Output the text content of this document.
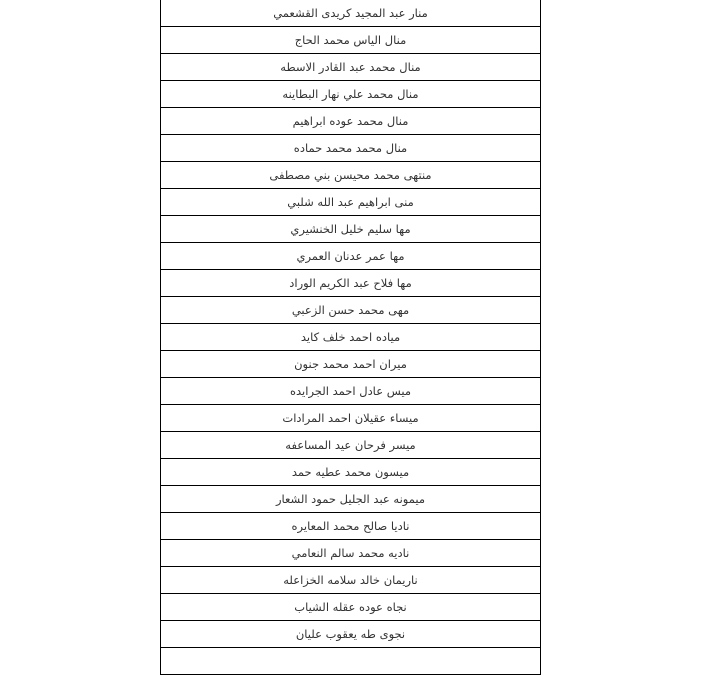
منار عبد المجيد كريدى القشعمي
منال الياس محمد الحاج
منال محمد عبد القادر الاسطه
منال محمد علي نهار البطاينه
منال محمد عوده ابراهيم
منال محمد محمد حماده
منتهى محمد محيسن بني مصطفى
منى ابراهيم عبد الله شلبي
مها سليم خليل الخنشيري
مها عمر عدنان العمري
مها فلاح عبد الكريم الوراد
مهى محمد حسن الزعبي
مياده احمد خلف كايد
ميران احمد محمد جنون
ميس عادل احمد الجرايده
ميساء عقيلان احمد المرادات
ميسر فرحان عيد المساعفه
ميسون محمد عطيه حمد
ميمونه عبد الجليل حمود الشعار
ناديا صالح محمد المعايره
ناديه محمد سالم النعامي
ناريمان خالد سلامه الخزاعله
نجاه عوده عقله الشياب
نجوى طه يعقوب عليان
